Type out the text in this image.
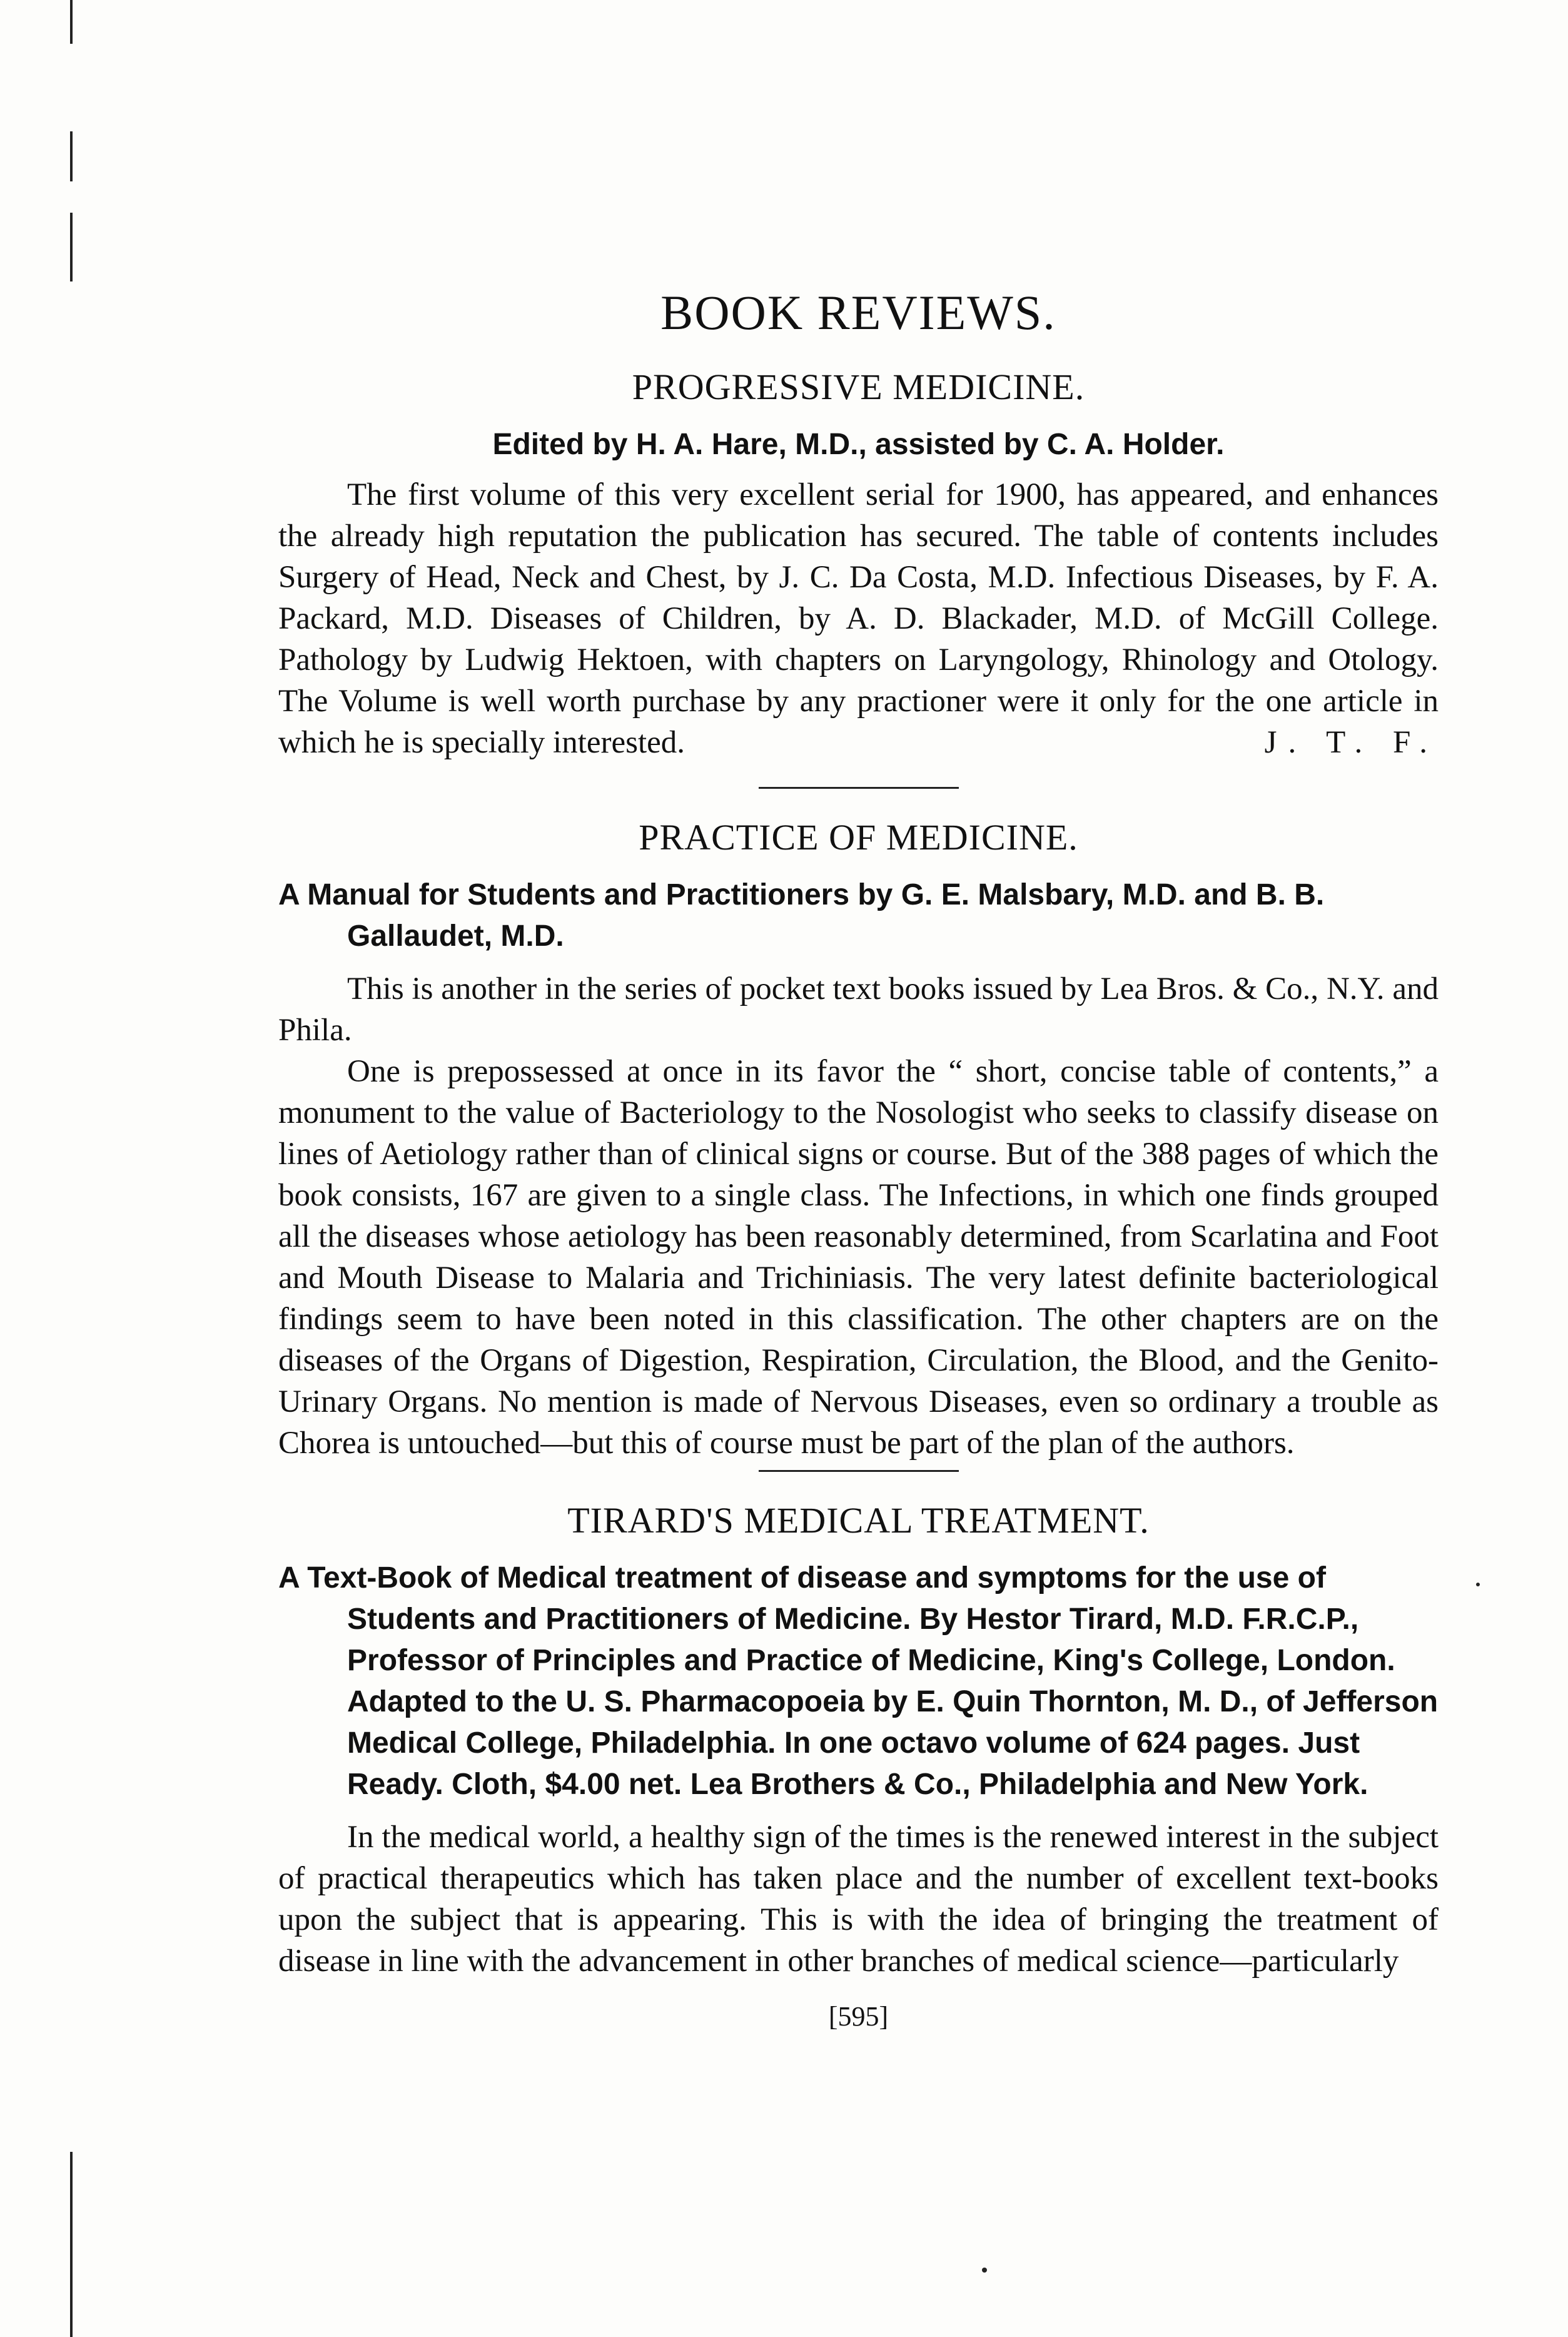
BOOK REVIEWS.
PROGRESSIVE MEDICINE.
Edited by H. A. Hare, M.D., assisted by C. A. Holder.

The first volume of this very excellent serial for 1900, has appeared, and enhances the already high reputation the publication has secured. The table of contents includes Surgery of Head, Neck and Chest, by J. C. Da Costa, M.D. Infectious Diseases, by F. A. Packard, M.D. Diseases of Children, by A. D. Blackader, M.D. of McGill College. Pathology by Ludwig Hektoen, with chapters on Laryngology, Rhinology and Otology. The Volume is well worth purchase by any practioner were it only for the one article in which he is specially interested.	J. T. F.

PRACTICE OF MEDICINE.
A Manual for Students and Practitioners by G. E. Malsbary, M.D. and B. B. Gallaudet, M.D.

This is another in the series of pocket text books issued by Lea Bros. & Co., N.Y. and Phila.

One is prepossessed at once in its favor the “ short, concise table of contents,” a monument to the value of Bacteriology to the Nosologist who seeks to classify disease on lines of Aetiology rather than of clinical signs or course. But of the 388 pages of which the book consists, 167 are given to a single class. The Infections, in which one finds grouped all the diseases whose aetiology has been reasonably determined, from Scarlatina and Foot and Mouth Disease to Malaria and Trichiniasis. The very latest definite bacteriological findings seem to have been noted in this classification. The other chapters are on the diseases of the Organs of Digestion, Respiration, Circulation, the Blood, and the Genito-Urinary Organs. No mention is made of Nervous Diseases, even so ordinary a trouble as Chorea is untouched—but this of course must be part of the plan of the authors.

TIRARD'S MEDICAL TREATMENT.
A Text-Book of Medical treatment of disease and symptoms for the use of Students and Practitioners of Medicine. By Hestor Tirard, M.D. F.R.C.P., Professor of Principles and Practice of Medicine, King's College, London. Adapted to the U. S. Pharmacopoeia by E. Quin Thornton, M. D., of Jefferson Medical College, Philadelphia. In one octavo volume of 624 pages. Just Ready. Cloth, $4.00 net. Lea Brothers & Co., Philadelphia and New York.

In the medical world, a healthy sign of the times is the renewed interest in the subject of practical therapeutics which has taken place and the number of excellent text-books upon the subject that is appearing. This is with the idea of bringing the treatment of disease in line with the advancement in other branches of medical science—particularly

[595]
